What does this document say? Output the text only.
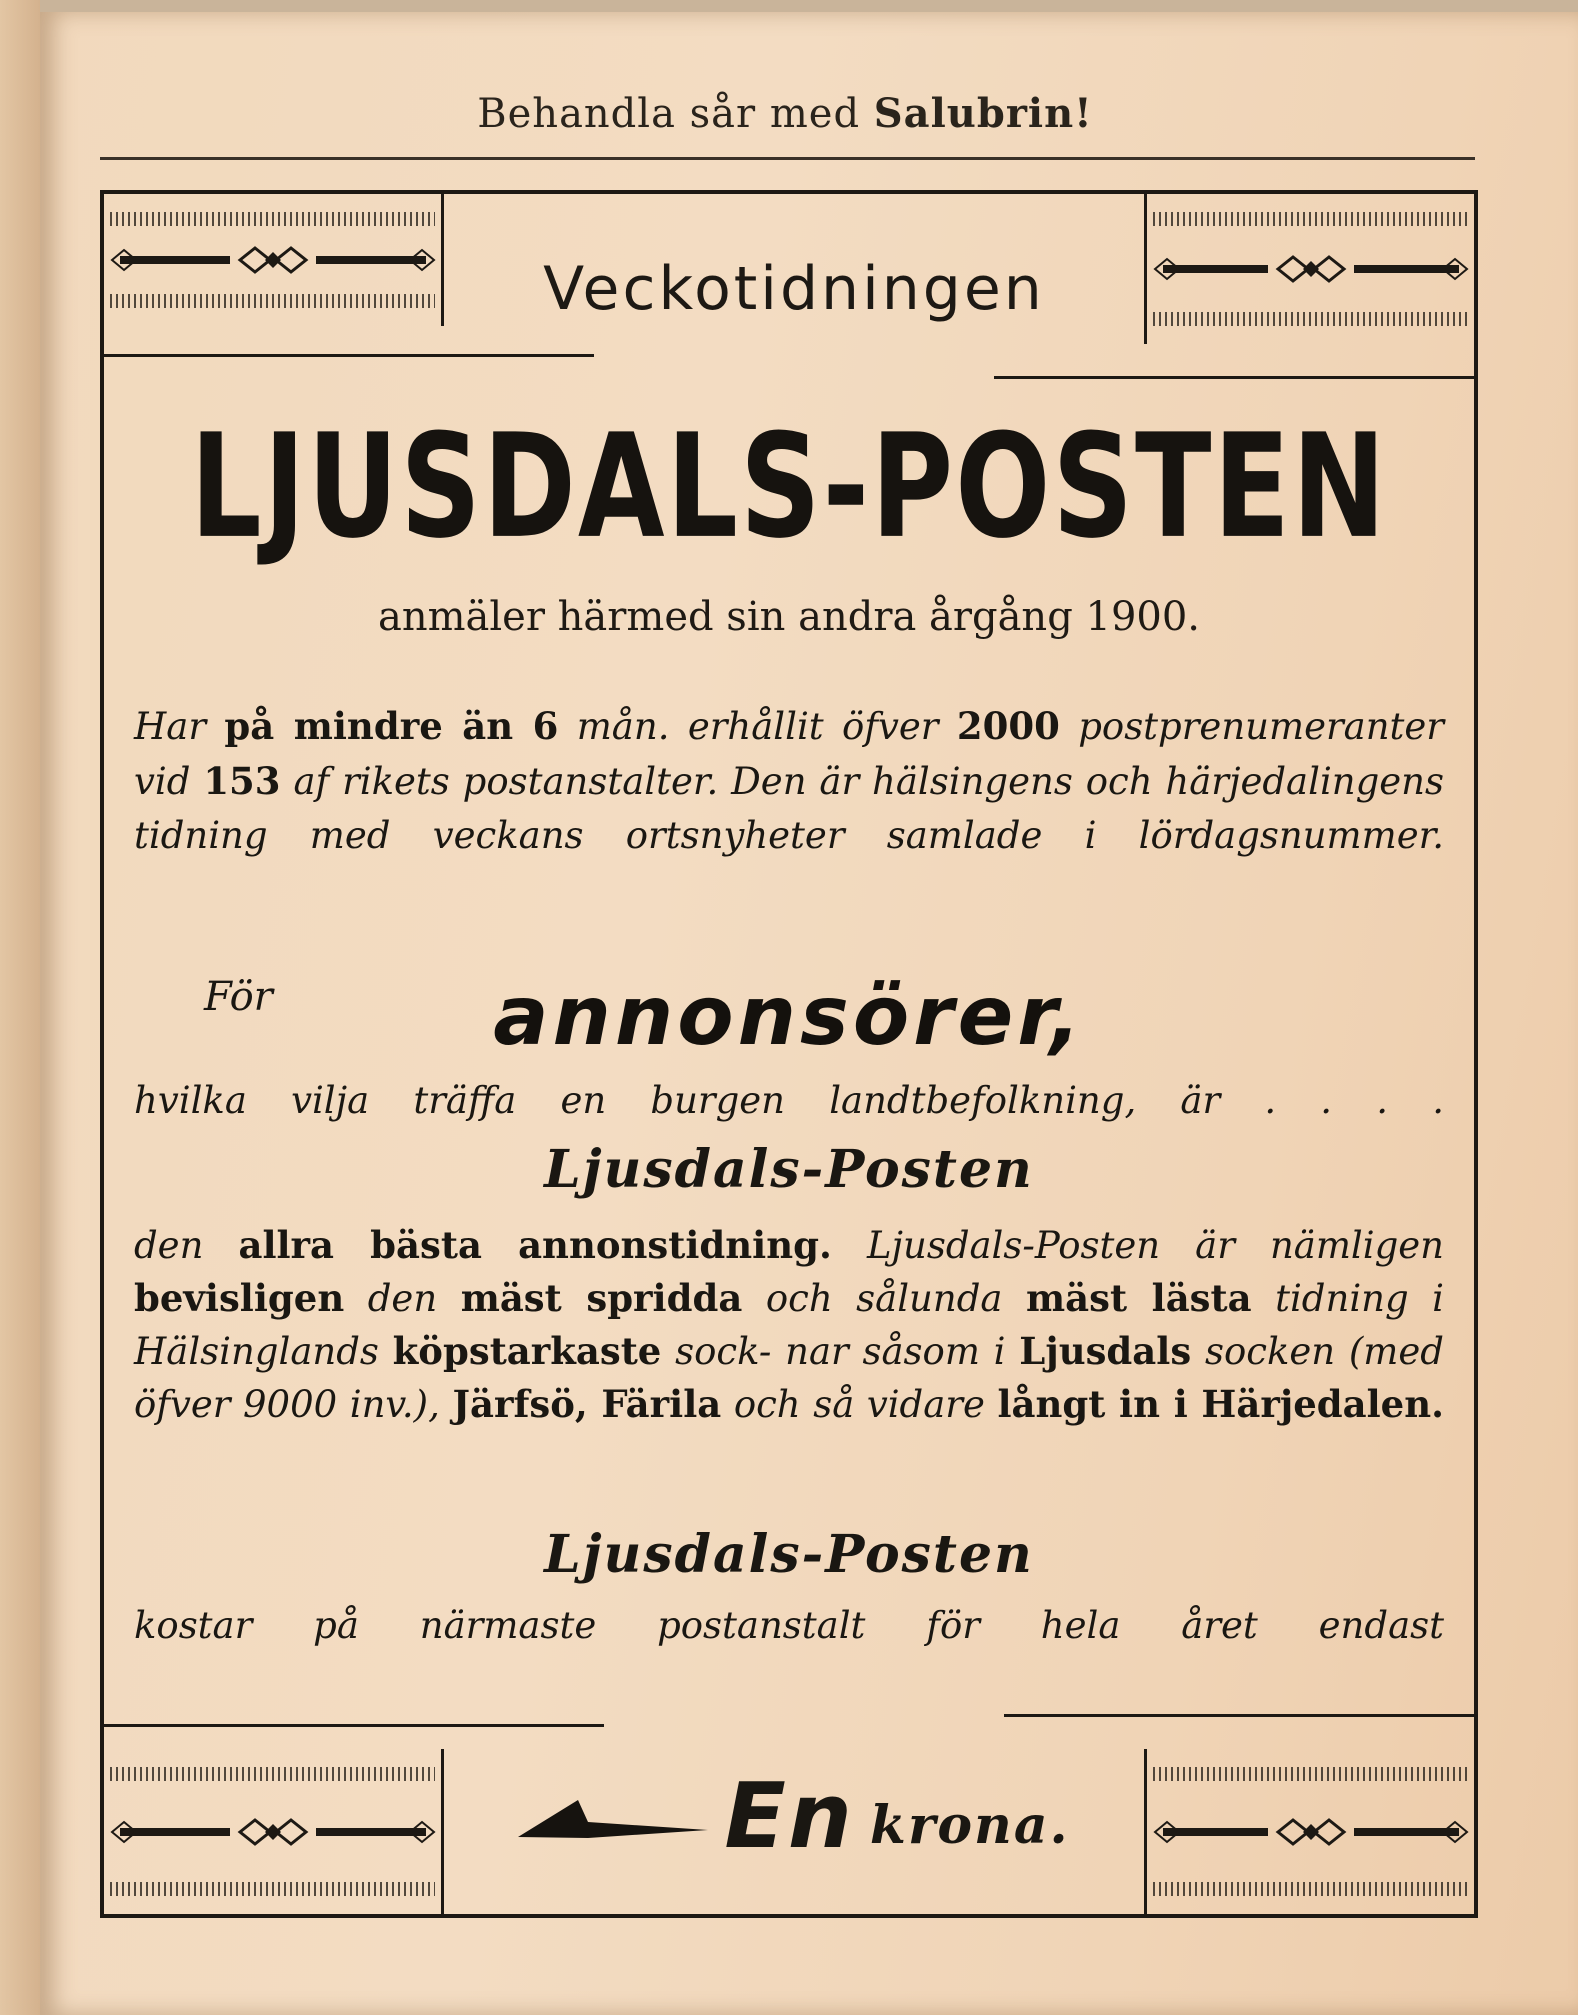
Behandla sår med Salubrin!
Veckotidningen
LJUSDALS-POSTEN
anmäler härmed sin andra årgång 1900.
Har på mindre än 6 mån. erhållit öfver 2000 postprenumeranter vid 153 af rikets postanstalter. Den är hälsingens och härjedalingens tidning med veckans ortsnyheter samlade i lördagsnummer.
För	annonsörer,
hvilka vilja träffa en burgen landtbefolkning, är . . . .
Ljusdals-Posten
den allra bästa annonstidning. Ljusdals-Posten är nämligen bevisligen den mäst spridda och sålunda mäst lästa tidning i Hälsinglands köpstarkaste sock- nar såsom i Ljusdals socken (med öfver 9000 inv.), Järfsö, Färila och så vidare långt in i Härjedalen.
Ljusdals-Posten
kostar på närmaste postanstalt för hela året endast
En krona.
